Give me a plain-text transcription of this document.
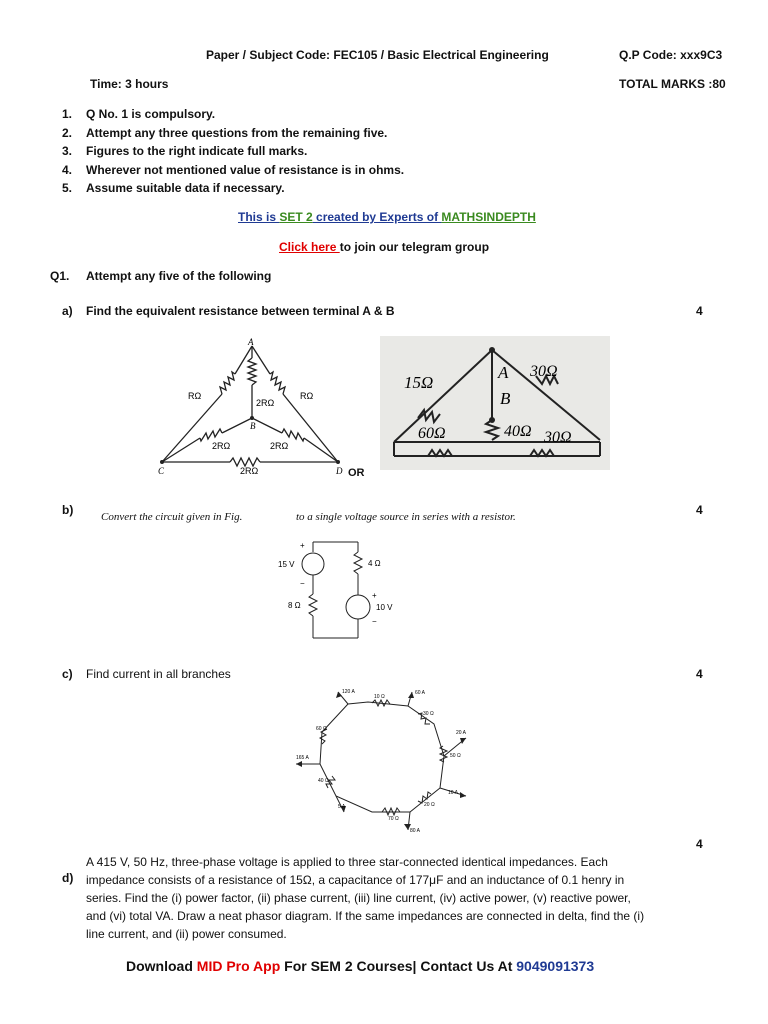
Paper / Subject Code: FEC105 / Basic Electrical Engineering	Q.P Code: xxx9C3
Time: 3 hours	TOTAL MARKS :80
1. Q No. 1 is compulsory.
2. Attempt any three questions from the remaining five.
3. Figures to the right indicate full marks.
4. Wherever not mentioned value of resistance is in ohms.
5. Assume suitable data if necessary.
This is SET 2 created by Experts of MATHSINDEPTH
Click here to join our telegram group
Q1. Attempt any five of the following
a) Find the equivalent resistance between terminal A & B	4
A
B
C	D
RΩ
2RΩ
RΩ
2RΩ	2RΩ
2RΩ
15Ω
30Ω
A
B
60Ω	40Ω 30Ω
OR
b)	Convert the circuit given in Fig.	to a single voltage source in series with a resistor.	4
+
15 V
−
4 Ω
8 Ω
+
10 V
−
c) Find current in all branches	4
120 A	60 A
10 Ω
30 Ω
60 Ω
20 A
165 A	50 Ω
40 Ω
10 A
5 A
70 Ω
20 Ω
80 A
4
d)
A 415 V, 50 Hz, three-phase voltage is applied to three star-connected identical impedances. Each
impedance consists of a resistance of 15Ω, a capacitance of 177μF and an inductance of 0.1 henry in
series. Find the (i) power factor, (ii) phase current, (iii) line current, (iv) active power, (v) reactive power,
and (vi) total VA. Draw a neat phasor diagram. If the same impedances are connected in delta, find the (i)
line current, and (ii) power consumed.
Download MID Pro App For SEM 2 Courses| Contact Us At 9049091373
